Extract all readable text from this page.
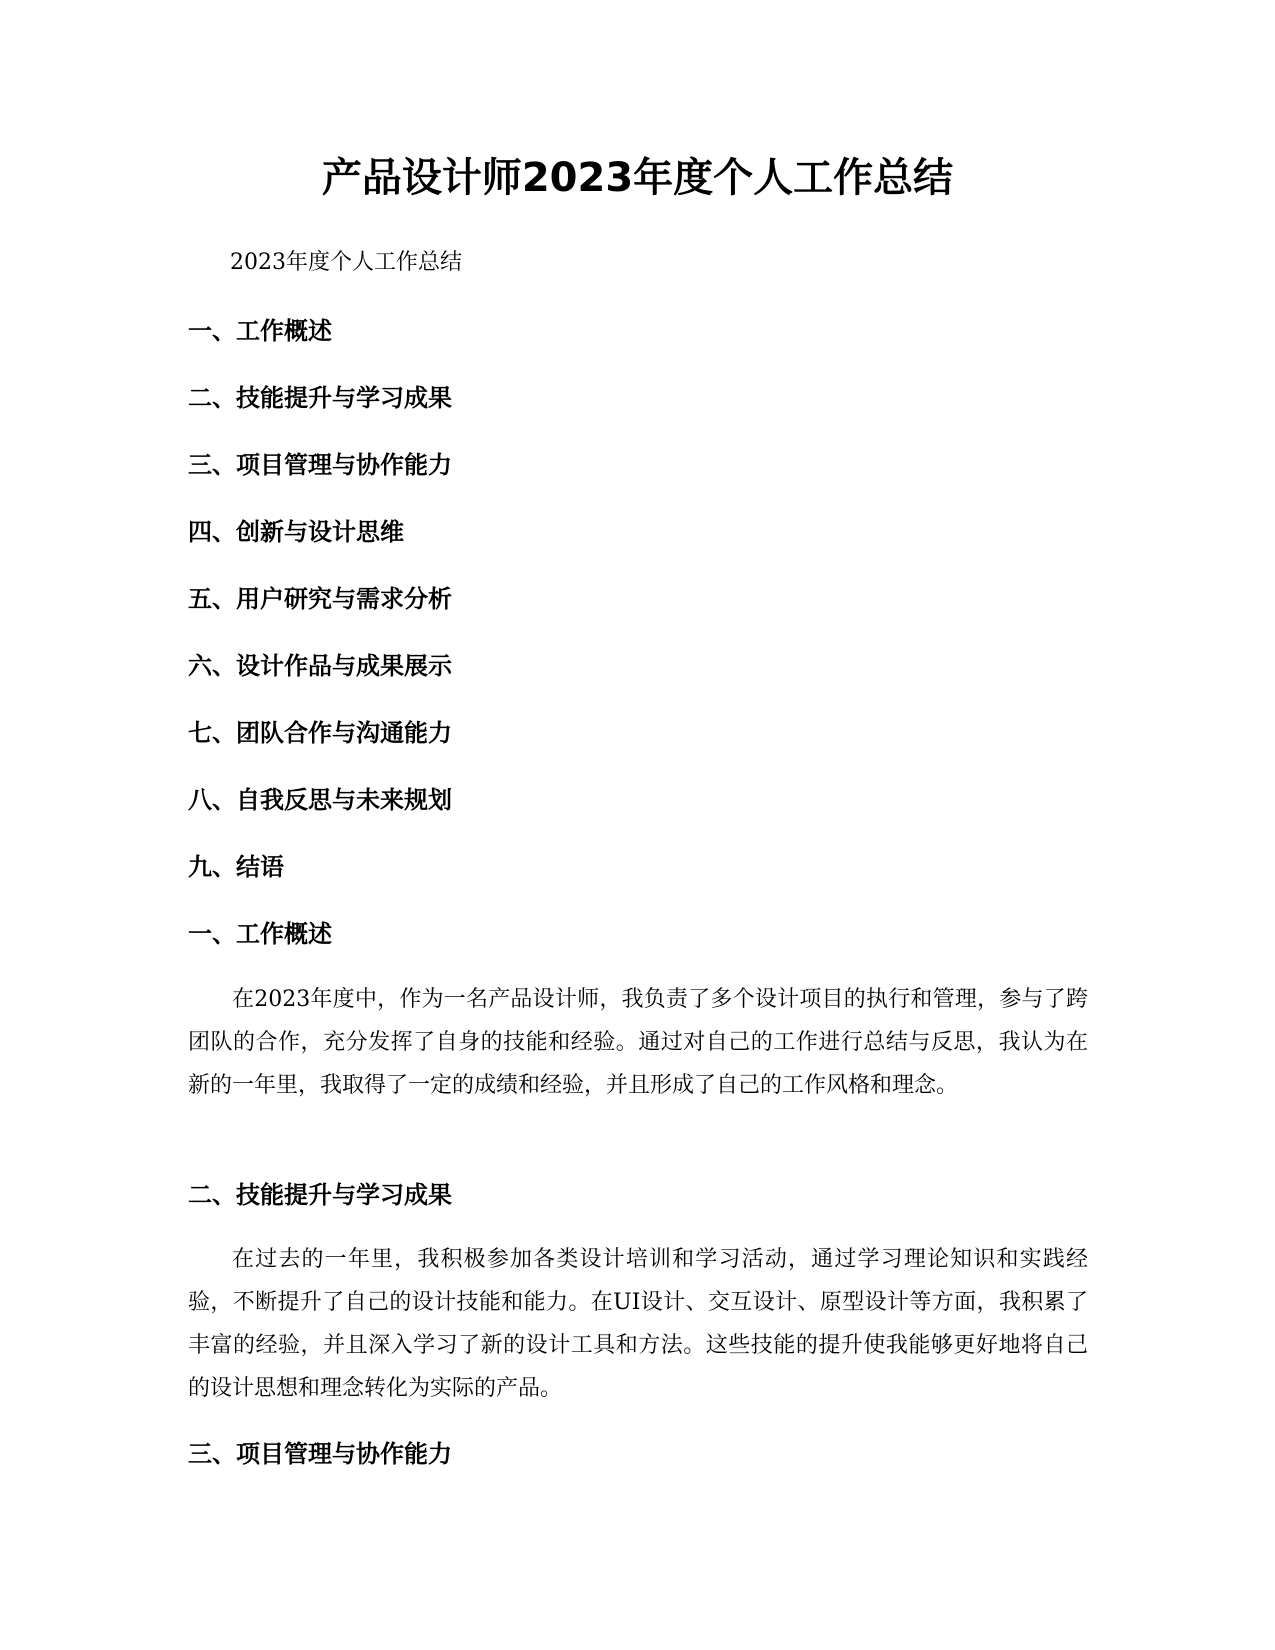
产品设计师2023年度个人工作总结

2023年度个人工作总结

一、工作概述
二、技能提升与学习成果
三、项目管理与协作能力
四、创新与设计思维
五、用户研究与需求分析
六、设计作品与成果展示
七、团队合作与沟通能力
八、自我反思与未来规划
九、结语
一、工作概述

在2023年度中，作为一名产品设计师，我负责了多个设计项目的执行和管理，参与了跨团队的合作，充分发挥了自身的技能和经验。通过对自己的工作进行总结与反思，我认为在新的一年里，我取得了一定的成绩和经验，并且形成了自己的工作风格和理念。

二、技能提升与学习成果

在过去的一年里，我积极参加各类设计培训和学习活动，通过学习理论知识和实践经验，不断提升了自己的设计技能和能力。在UI设计、交互设计、原型设计等方面，我积累了丰富的经验，并且深入学习了新的设计工具和方法。这些技能的提升使我能够更好地将自己的设计思想和理念转化为实际的产品。

三、项目管理与协作能力
